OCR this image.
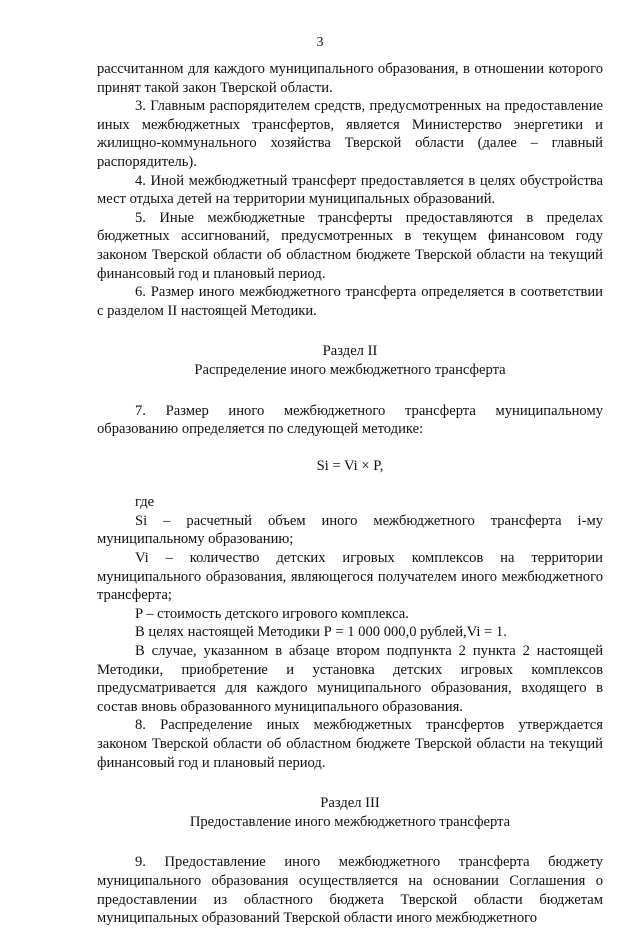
3

рассчитанном для каждого муниципального образования, в отношении которого принят такой закон Тверской области.

3. Главным распорядителем средств, предусмотренных на предоставление иных межбюджетных трансфертов, является Министерство энергетики и жилищно-коммунального хозяйства Тверской области (далее – главный распорядитель).

4. Иной межбюджетный трансферт предоставляется в целях обустройства мест отдыха детей на территории муниципальных образований.

5. Иные межбюджетные трансферты предоставляются в пределах бюджетных ассигнований, предусмотренных в текущем финансовом году законом Тверской области об областном бюджете Тверской области на текущий финансовый год и плановый период.

6. Размер иного межбюджетного трансферта определяется в соответствии с разделом II настоящей Методики.

Раздел II

Распределение иного межбюджетного трансферта

7. Размер иного межбюджетного трансферта муниципальному образованию определяется по следующей методике:

Si = Vi × P,

где

Si – расчетный объем иного межбюджетного трансферта i-му муниципальному образованию;

Vi – количество детских игровых комплексов на территории муниципального образования, являющегося получателем иного межбюджетного трансферта;

P – стоимость детского игрового комплекса.

В целях настоящей Методики Р = 1 000 000,0 рублей,Vi = 1.

В случае, указанном в абзаце втором подпункта 2 пункта 2 настоящей Методики, приобретение и установка детских игровых комплексов предусматривается для каждого муниципального образования, входящего в состав вновь образованного муниципального образования.

8. Распределение иных межбюджетных трансфертов утверждается законом Тверской области об областном бюджете Тверской области на текущий финансовый год и плановый период.

Раздел III

Предоставление иного межбюджетного трансферта

9. Предоставление иного межбюджетного трансферта бюджету муниципального образования осуществляется на основании Соглашения о предоставлении из областного бюджета Тверской области бюджетам муниципальных образований Тверской области иного межбюджетного
